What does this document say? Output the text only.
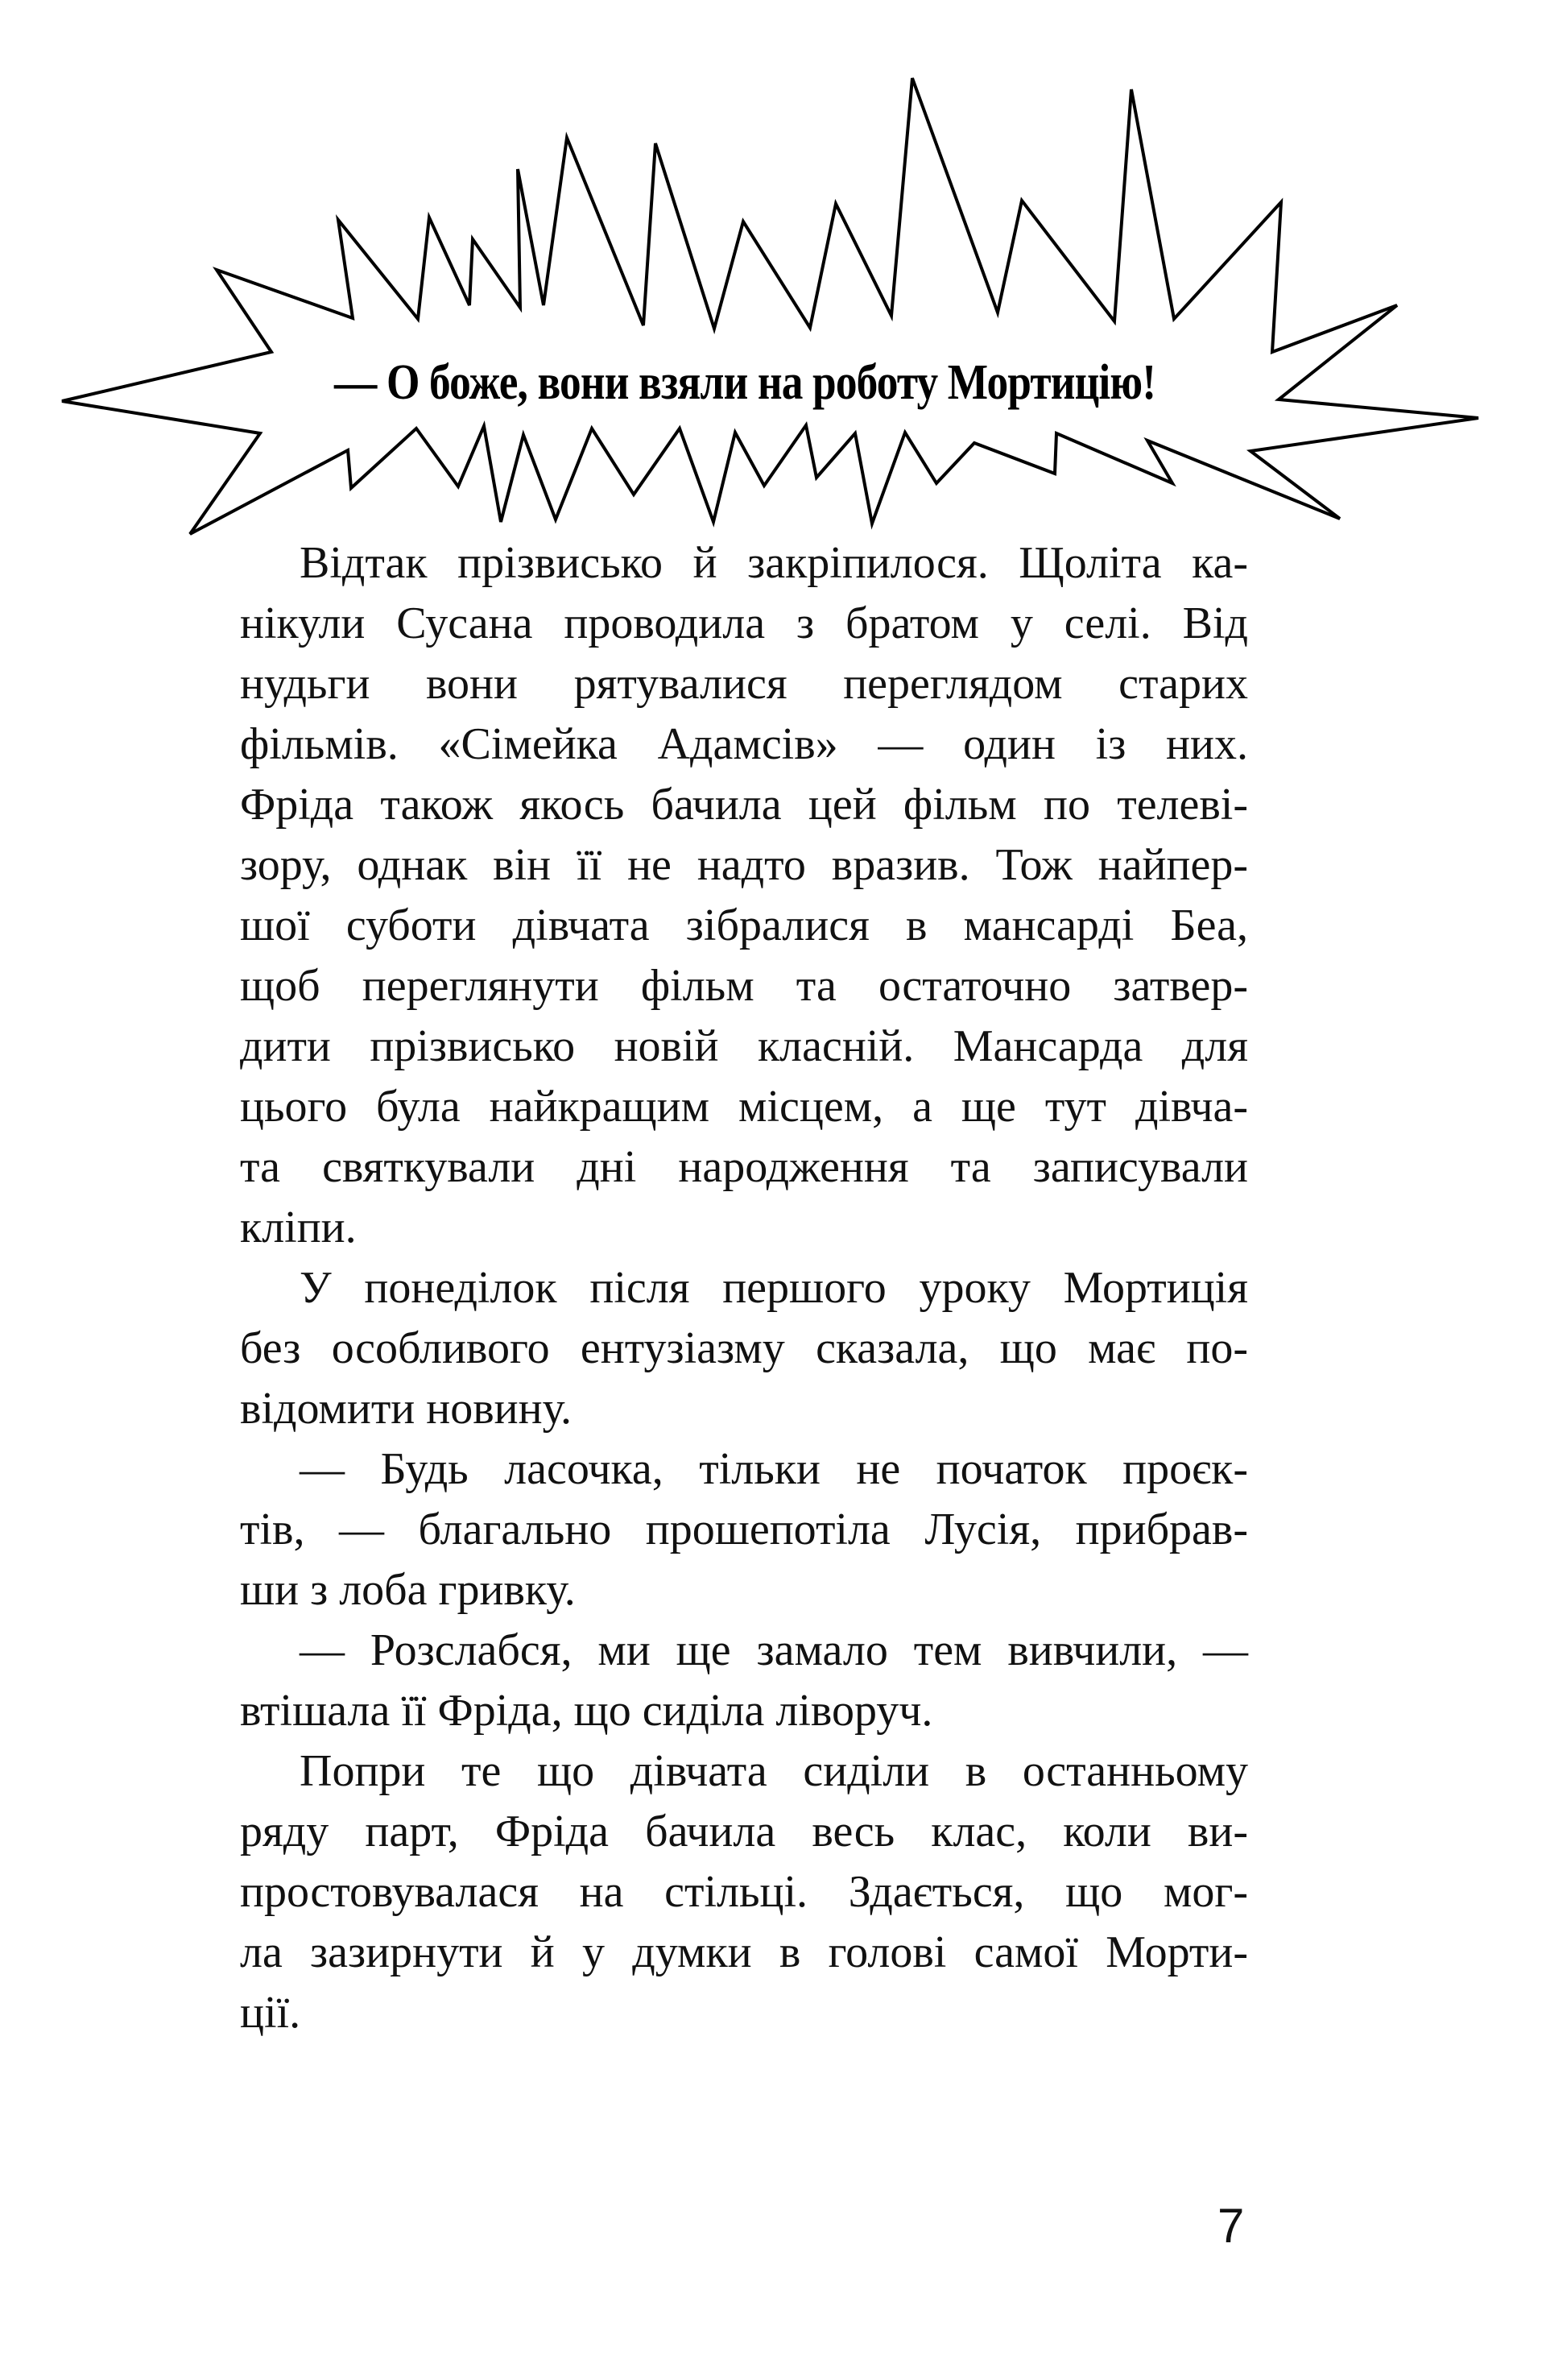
— О боже, вони взяли на роботу Мортицію!
Відтак прізвисько й закріпилося. Щоліта ка-
нікули Сусана проводила з братом у селі. Від
нудьги вони рятувалися переглядом старих
фільмів. «Сімейка Адамсів» — один із них.
Фріда також якось бачила цей фільм по телеві-
зору, однак він її не надто вразив. Тож найпер-
шої суботи дівчата зібралися в мансарді Беа,
щоб переглянути фільм та остаточно затвер-
дити прізвисько новій класній. Мансарда для
цього була найкращим місцем, а ще тут дівча-
та святкували дні народження та записували
кліпи.
У понеділок після першого уроку Мортиція
без особливого ентузіазму сказала, що має по-
відомити новину.
— Будь ласочка, тільки не початок проєк-
тів, — благально прошепотіла Лусія, прибрав-
ши з лоба гривку.
— Розслабся, ми ще замало тем вивчили, —
втішала її Фріда, що сиділа ліворуч.
Попри те що дівчата сиділи в останньому
ряду парт, Фріда бачила весь клас, коли ви-
простовувалася на стільці. Здається, що мог-
ла зазирнути й у думки в голові самої Морти-
ції.
7
